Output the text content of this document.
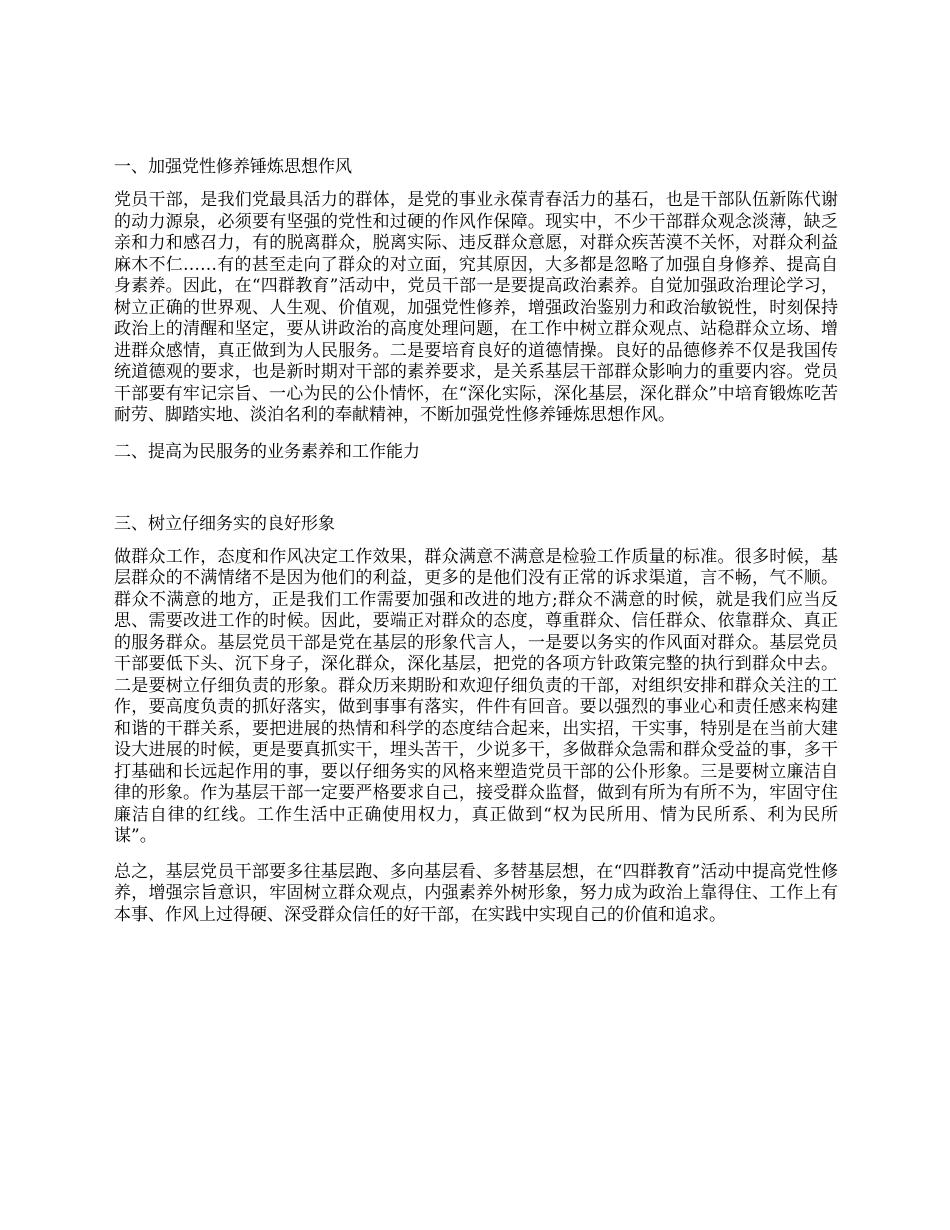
一、加强党性修养锤炼思想作风

党员干部，是我们党最具活力的群体，是党的事业永葆青春活力的基石，也是干部队伍新陈代谢的动力源泉，必须要有坚强的党性和过硬的作风作保障。现实中，不少干部群众观念淡薄，缺乏亲和力和感召力，有的脱离群众，脱离实际、违反群众意愿，对群众疾苦漠不关怀，对群众利益麻木不仁……有的甚至走向了群众的对立面，究其原因，大多都是忽略了加强自身修养、提高自身素养。因此，在“四群教育”活动中，党员干部一是要提高政治素养。自觉加强政治理论学习，树立正确的世界观、人生观、价值观，加强党性修养，增强政治鉴别力和政治敏锐性，时刻保持政治上的清醒和坚定，要从讲政治的高度处理问题，在工作中树立群众观点、站稳群众立场、增进群众感情，真正做到为人民服务。二是要培育良好的道德情操。良好的品德修养不仅是我国传统道德观的要求，也是新时期对干部的素养要求，是关系基层干部群众影响力的重要内容。党员干部要有牢记宗旨、一心为民的公仆情怀，在“深化实际，深化基层，深化群众”中培育锻炼吃苦耐劳、脚踏实地、淡泊名利的奉献精神，不断加强党性修养锤炼思想作风。

二、提高为民服务的业务素养和工作能力

三、树立仔细务实的良好形象

做群众工作，态度和作风决定工作效果，群众满意不满意是检验工作质量的标准。很多时候，基层群众的不满情绪不是因为他们的利益，更多的是他们没有正常的诉求渠道，言不畅，气不顺。群众不满意的地方，正是我们工作需要加强和改进的地方;群众不满意的时候，就是我们应当反思、需要改进工作的时候。因此，要端正对群众的态度，尊重群众、信任群众、依靠群众、真正的服务群众。基层党员干部是党在基层的形象代言人，一是要以务实的作风面对群众。基层党员干部要低下头、沉下身子，深化群众，深化基层，把党的各项方针政策完整的执行到群众中去。二是要树立仔细负责的形象。群众历来期盼和欢迎仔细负责的干部，对组织安排和群众关注的工作，要高度负责的抓好落实，做到事事有落实，件件有回音。要以强烈的事业心和责任感来构建和谐的干群关系，要把进展的热情和科学的态度结合起来，出实招，干实事，特别是在当前大建设大进展的时候，更是要真抓实干，埋头苦干，少说多干，多做群众急需和群众受益的事，多干打基础和长远起作用的事，要以仔细务实的风格来塑造党员干部的公仆形象。三是要树立廉洁自律的形象。作为基层干部一定要严格要求自己，接受群众监督，做到有所为有所不为，牢固守住廉洁自律的红线。工作生活中正确使用权力，真正做到“权为民所用、情为民所系、利为民所谋”。

总之，基层党员干部要多往基层跑、多向基层看、多替基层想，在“四群教育”活动中提高党性修养，增强宗旨意识，牢固树立群众观点，内强素养外树形象，努力成为政治上靠得住、工作上有本事、作风上过得硬、深受群众信任的好干部，在实践中实现自己的价值和追求。
